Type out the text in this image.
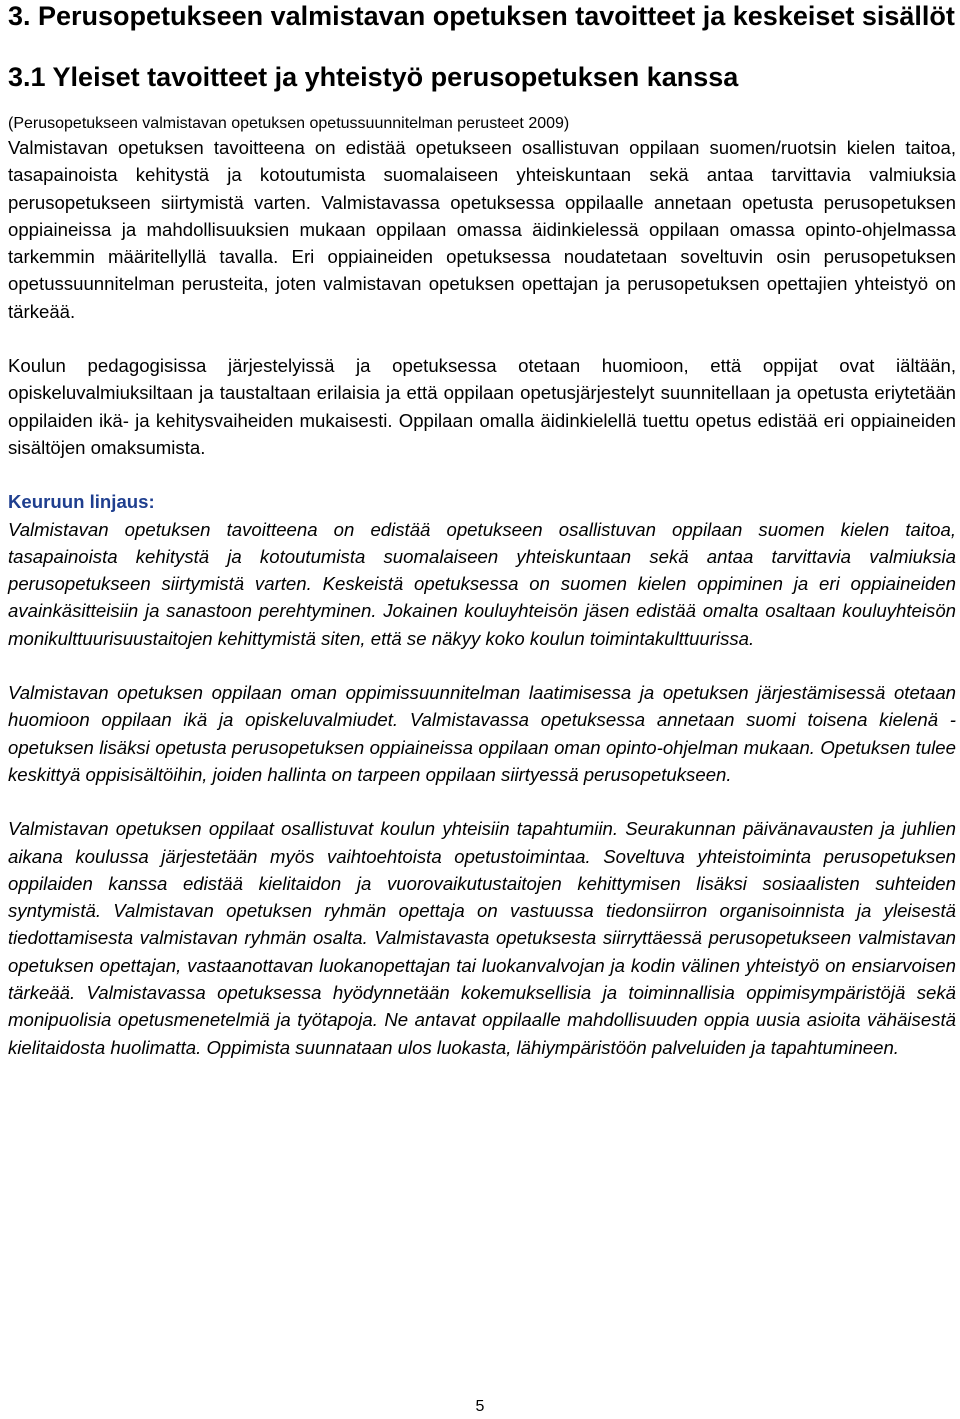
3. Perusopetukseen valmistavan opetuksen tavoitteet ja keskeiset sisällöt
3.1 Yleiset tavoitteet ja yhteistyö perusopetuksen kanssa
(Perusopetukseen valmistavan opetuksen opetussuunnitelman perusteet 2009)

Valmistavan opetuksen tavoitteena on edistää opetukseen osallistuvan oppilaan suomen/ruotsin kielen taitoa, tasapainoista kehitystä ja kotoutumista suomalaiseen yhteiskuntaan sekä antaa tarvittavia valmiuksia perusopetukseen siirtymistä varten. Valmistavassa opetuksessa oppilaalle annetaan opetusta perusopetuksen oppiaineissa ja mahdollisuuksien mukaan oppilaan omassa äidinkielessä oppilaan omassa opinto-ohjelmassa tarkemmin määritellyllä tavalla. Eri oppiaineiden opetuksessa noudatetaan soveltuvin osin perusopetuksen opetussuunnitelman perusteita, joten valmistavan opetuksen opettajan ja perusopetuksen opettajien yhteistyö on tärkeää.

Koulun pedagogisissa järjestelyissä ja opetuksessa otetaan huomioon, että oppijat ovat iältään, opiskeluvalmiuksiltaan ja taustaltaan erilaisia ja että oppilaan opetusjärjestelyt suunnitellaan ja opetusta eriytetään oppilaiden ikä- ja kehitysvaiheiden mukaisesti. Oppilaan omalla äidinkielellä tuettu opetus edistää eri oppiaineiden sisältöjen omaksumista.

Keuruun linjaus:

Valmistavan opetuksen tavoitteena on edistää opetukseen osallistuvan oppilaan suomen kielen taitoa, tasapainoista kehitystä ja kotoutumista suomalaiseen yhteiskuntaan sekä antaa tarvittavia valmiuksia perusopetukseen siirtymistä varten. Keskeistä opetuksessa on suomen kielen oppiminen ja eri oppiaineiden avainkäsitteisiin ja sanastoon perehtyminen. Jokainen kouluyhteisön jäsen edistää omalta osaltaan kouluyhteisön monikulttuurisuustaitojen kehittymistä siten, että se näkyy koko koulun toimintakulttuurissa.

Valmistavan opetuksen oppilaan oman oppimissuunnitelman laatimisessa ja opetuksen järjestämisessä otetaan huomioon oppilaan ikä ja opiskeluvalmiudet. Valmistavassa opetuksessa annetaan suomi toisena kielenä -opetuksen lisäksi opetusta perusopetuksen oppiaineissa oppilaan oman opinto-ohjelman mukaan. Opetuksen tulee keskittyä oppisisältöihin, joiden hallinta on tarpeen oppilaan siirtyessä perusopetukseen.

Valmistavan opetuksen oppilaat osallistuvat koulun yhteisiin tapahtumiin. Seurakunnan päivänavausten ja juhlien aikana koulussa järjestetään myös vaihtoehtoista opetustoimintaa. Soveltuva yhteistoiminta perusopetuksen oppilaiden kanssa edistää kielitaidon ja vuorovaikutustaitojen kehittymisen lisäksi sosiaalisten suhteiden syntymistä. Valmistavan opetuksen ryhmän opettaja on vastuussa tiedonsiirron organisoinnista ja yleisestä tiedottamisesta valmistavan ryhmän osalta. Valmistavasta opetuksesta siirryttäessä perusopetukseen valmistavan opetuksen opettajan, vastaanottavan luokanopettajan tai luokanvalvojan ja kodin välinen yhteistyö on ensiarvoisen tärkeää. Valmistavassa opetuksessa hyödynnetään kokemuksellisia ja toiminnallisia oppimisympäristöjä sekä monipuolisia opetusmenetelmiä ja työtapoja. Ne antavat oppilaalle mahdollisuuden oppia uusia asioita vähäisestä kielitaidosta huolimatta. Oppimista suunnataan ulos luokasta, lähiympäristöön palveluiden ja tapahtumineen.

5
